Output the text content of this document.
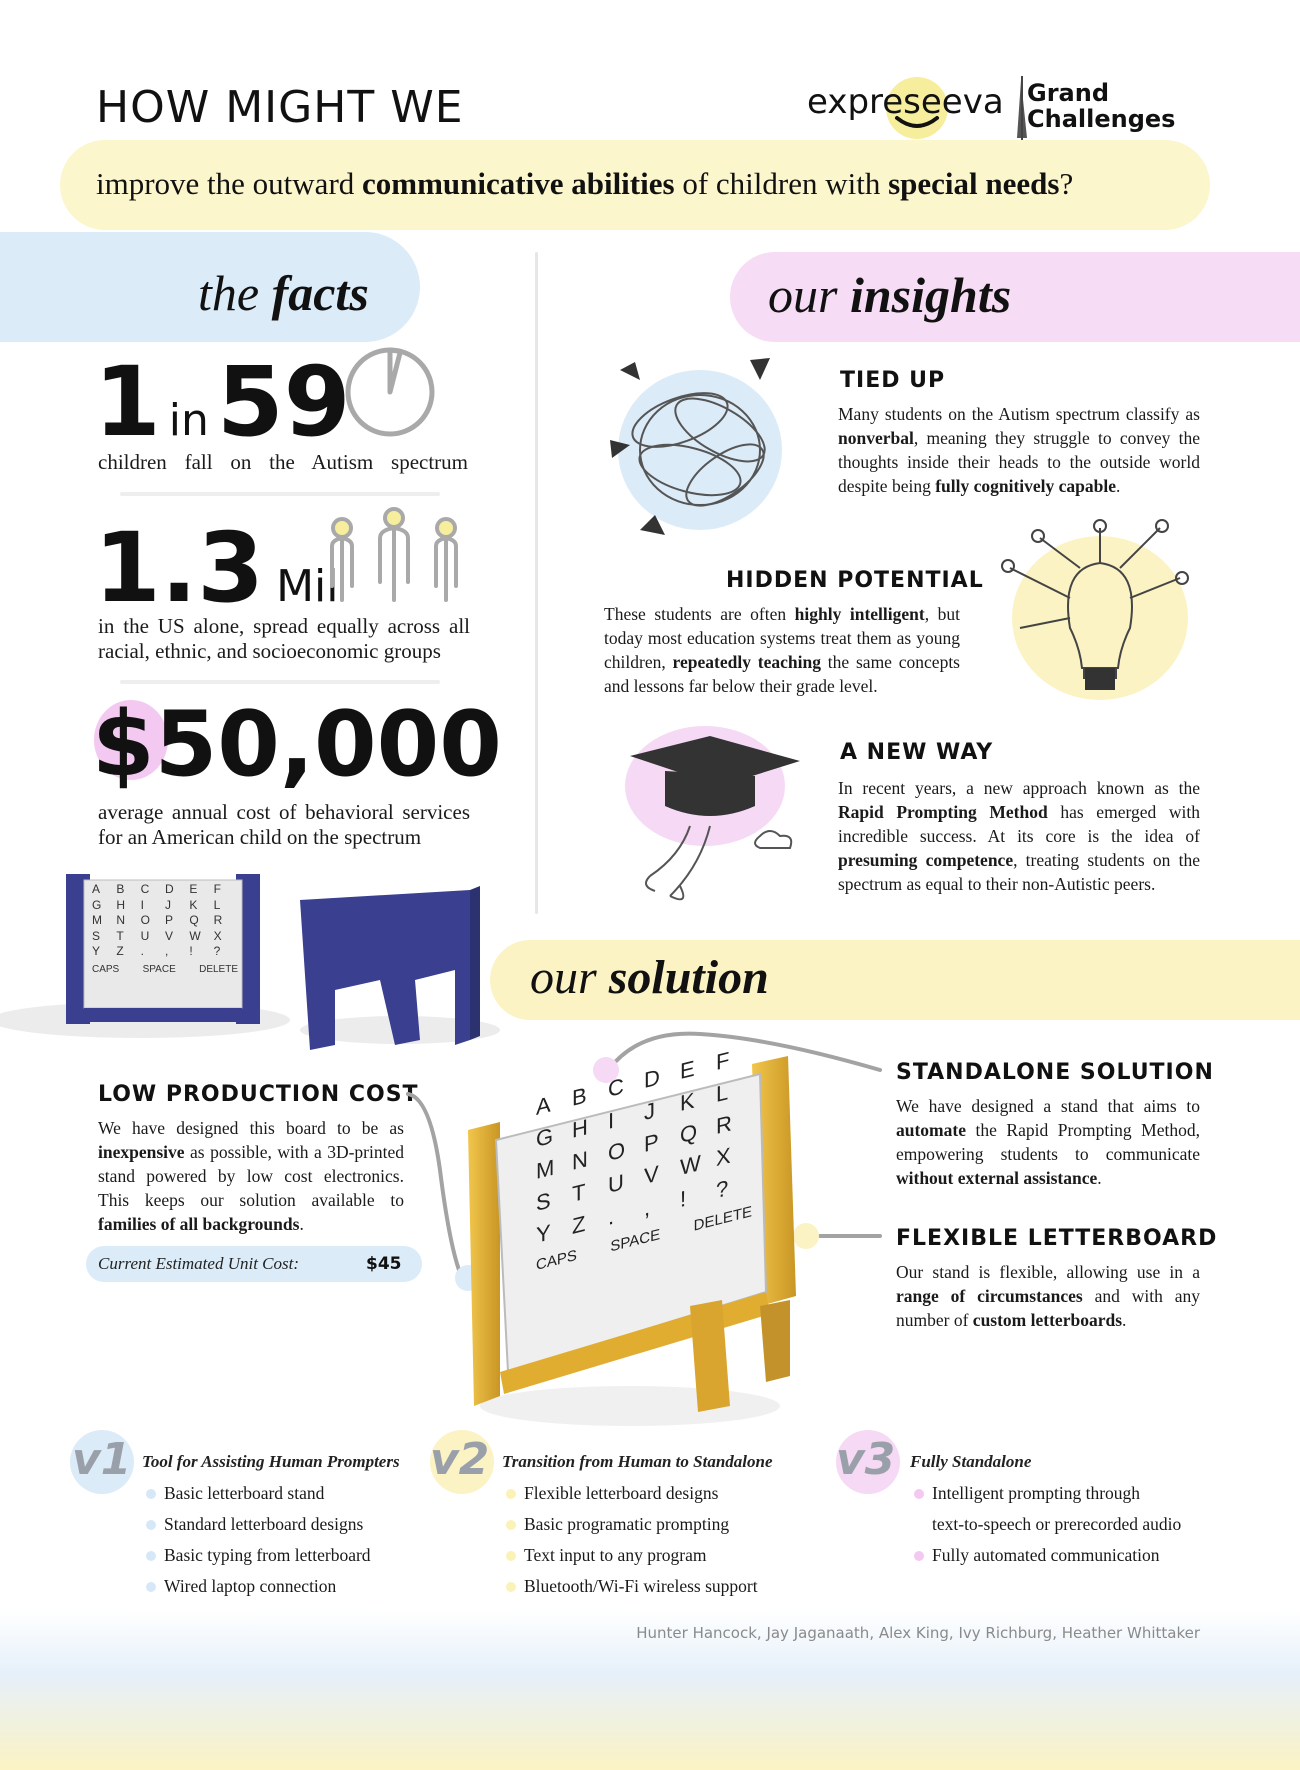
HOW MIGHT WE	expreseeva Grand
Challenges
improve the outward communicative abilities of children with special needs?
the facts
1 in59
children fall on the Autism spectrum
1.3 Mil
in the US alone, spread equally across all racial, ethnic, and socioeconomic groups
$50,000
average annual cost of behavioral services for an American child on the spectrum
A	B	C	D	E	F
G	H	I	J	K	L
M	N	O	P	Q	R
S	T	U	V	W	X
Y	Z	.	,	!	?
CAPS SPACE DELETE
our insights
TIED UP
Many students on the Autism spectrum classify as nonverbal, meaning they struggle to convey the thoughts inside their heads to the outside world despite being fully cognitively capable.
HIDDEN POTENTIAL
These students are often highly intelligent, but today most education systems treat them as young children, repeatedly teaching the same concepts and lessons far below their grade level.
A NEW WAY
In recent years, a new approach known as the Rapid Prompting Method has emerged with incredible success. At its core is the idea of presuming competence, treating students on the spectrum as equal to their non-Autistic peers.
our solution
LOW PRODUCTION COST
We have designed this board to be as inexpensive as possible, with a 3D-printed stand powered by low cost electronics. This keeps our solution available to families of all backgrounds.
Current Estimated Unit Cost:	$45
A B C D E F
G H I	J	K L
M N O P Q R
S T	U V W X
Y Z	.	,	!	?
CAPS
SPACE
DELETE
STANDALONE SOLUTION
We have designed a stand that aims to automate the Rapid Prompting Method, empowering students to communicate without external assistance.
FLEXIBLE LETTERBOARD
Our stand is flexible, allowing use in a range of circumstances and with any number of custom letterboards.
v1 Tool for Assisting Human Prompters
Basic letterboard stand
Standard letterboard designs
Basic typing from letterboard
Wired laptop connection
v2 Transition from Human to Standalone
Flexible letterboard designs
Basic programatic prompting
Text input to any program
Bluetooth/Wi-Fi wireless support
v3 Fully Standalone
Intelligent prompting through
text-to-speech or prerecorded audio
Fully automated communication
Hunter Hancock, Jay Jaganaath, Alex King, Ivy Richburg, Heather Whittaker
